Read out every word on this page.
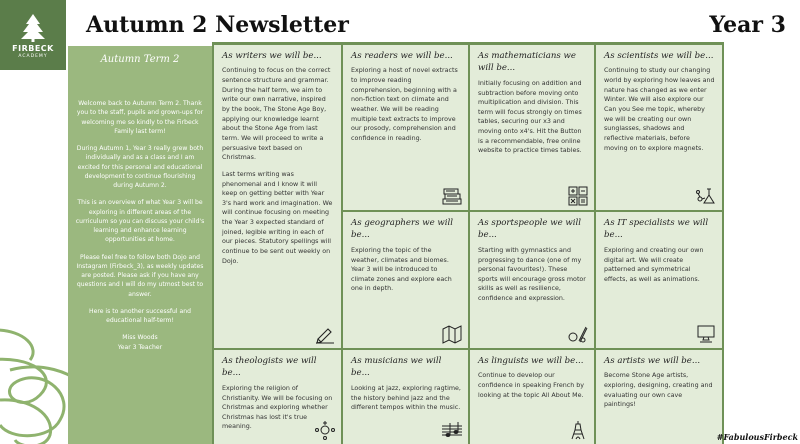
FIRBECK
ACADEMY
Autumn 2 Newsletter	Year 3
Autumn Term 2

Welcome back to Autumn Term 2. Thank you to the staff, pupils and grown-ups for welcoming me so kindly to the Firbeck Family last term!

During Autumn 1, Year 3 really grew both individually and as a class and I am excited for this personal and educational development to continue flourishing during Autumn 2.

This is an overview of what Year 3 will be exploring in different areas of the curriculum so you can discuss your child's learning and enhance learning opportunities at home.

Please feel free to follow both Dojo and Instagram (Firbeck_3), as weekly updates are posted. Please ask if you have any questions and I will do my utmost best to answer.

Here is to another successful and educational half-term!

Miss Woods
Year 3 Teacher

As writers we will be...

Continuing to focus on the correct sentence structure and grammar. During the half term, we aim to write our own narrative, inspired by the book, The Stone Age Boy, applying our knowledge learnt about the Stone Age from last term. We will proceed to write a persuasive text based on Christmas.

Last terms writing was phenomenal and I know it will keep on getting better with Year 3's hard work and imagination. We will continue focusing on meeting the Year 3 expected standard of joined, legible writing in each of our pieces. Statutory spellings will continue to be sent out weekly on Dojo.

As readers we will be...
Exploring a host of novel extracts to improve reading comprehension, beginning with a non-fiction text on climate and weather. We will be reading multiple text extracts to improve our prosody, comprehension and confidence in reading.
As mathematicians we will be...
Initially focusing on addition and subtraction before moving onto multiplication and division. This term will focus strongly on times tables, securing our x3 and moving onto x4's. Hit the Button is a recommendable, free online website to practice times tables.
As scientists we will be...
Continuing to study our changing world by exploring how leaves and nature has changed as we enter Winter. We will also explore our Can you See me topic, whereby we will be creating our own sunglasses, shadows and reflective materials, before moving on to explore magnets.
As geographers we will be...
Exploring the topic of the weather, climates and biomes. Year 3 will be introduced to climate zones and explore each one in depth.
As sportspeople we will be...
Starting with gymnastics and progressing to dance (one of my personal favourites!). These sports will encourage gross motor skills as well as resilience, confidence and expression.
As IT specialists we will be...
Exploring and creating our own digital art. We will create patterned and symmetrical effects, as well as animations.
As theologists we will be...
Exploring the religion of Christianity. We will be focusing on Christmas and exploring whether Christmas has lost it's true meaning.
As musicians we will be...
Looking at jazz, exploring ragtime, the history behind jazz and the different tempos within the music.
As linguists we will be...
Continue to develop our confidence in speaking French by looking at the topic All About Me.
As artists we will be...
Become Stone Age artists, exploring, designing, creating and evaluating our own cave paintings!
#FabulousFirbeck
